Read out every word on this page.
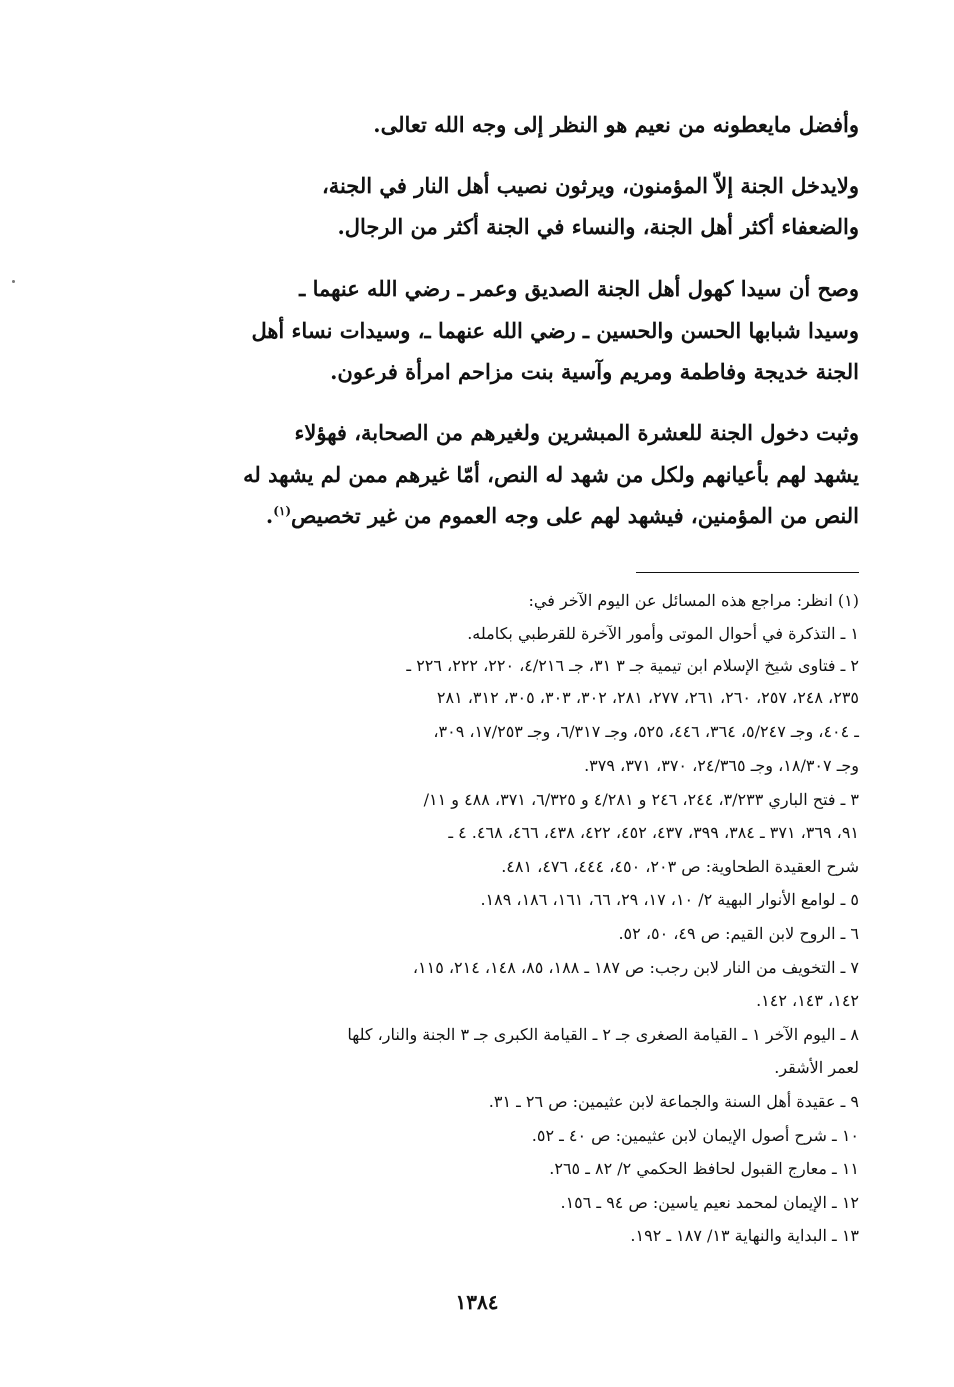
وأفضل مايعطونه من نعيم هو النظر إلى وجه الله تعالى.
ولايدخل الجنة إلاّ المؤمنون، ويرثون نصيب أهل النار في الجنة،
والضعفاء أكثر أهل الجنة، والنساء في الجنة أكثر من الرجال.
وصح أن سيدا كهول أهل الجنة الصديق وعمر ـ رضي الله عنهما ـ
وسيدا شبابها الحسن والحسين ـ رضي الله عنهما ـ، وسيدات نساء أهل
الجنة خديجة وفاطمة ومريم وآسية بنت مزاحم امرأة فرعون.
وثبت دخول الجنة للعشرة المبشرين ولغيرهم من الصحابة، فهؤلاء
يشهد لهم بأعيانهم ولكل من شهد له النص، أمّا غيرهم ممن لم يشهد له
النص من المؤمنين، فيشهد لهم على وجه العموم من غير تخصيص$^{(١)}$.
(١) انظر: مراجع هذه المسائل عن اليوم الآخر في:
١ ـ التذكرة في أحوال الموتى وأمور الآخرة للقرطبي بكامله.
٢ ـ فتاوى شيخ الإسلام ابن تيمية جـ ٣ ٣١، جـ ٤/٢١٦، ٢٢٠، ٢٢٢، ٢٢٦ ـ
٢٣٥، ٢٤٨، ٢٥٧، ٢٦٠، ٢٦١، ٢٧٧، ٢٨١، ٣٠٢، ٣٠٣، ٣٠٥، ٣١٢، ٢٨١
ـ ٤٠٤، وجـ ٥/٢٤٧، ٣٦٤، ٤٤٦، ٥٢٥، وجـ ٦/٣١٧، وجـ ١٧/٢٥٣، ٣٠٩،
وجـ ١٨/٣٠٧، وجـ ٢٤/٣٦٥، ٣٧٠، ٣٧١، ٣٧٩.
٣ ـ فتح الباري ٣/٢٣٣، ٢٤٤، ٢٤٦ و ٤/٢٨١ و ٦/٣٢٥، ٣٧١، ٤٨٨ و ١١/
٩١، ٣٦٩، ٣٧١ ـ ٣٨٤، ٣٩٩، ٤٣٧، ٤٥٢، ٤٢٢، ٤٣٨، ٤٦٦، ٤٦٨. ٤ ـ
شرح العقيدة الطحاوية: ص ٢٠٣، ٤٥٠، ٤٤٤، ٤٧٦، ٤٨١.
٥ ـ لوامع الأنوار البهية ٢/ ١٠، ١٧، ٢٩، ٦٦، ١٦١، ١٨٦، ١٨٩.
٦ ـ الروح لابن القيم: ص ٤٩، ٥٠، ٥٢.
٧ ـ التخويف من النار لابن رجب: ص ١٨٧ ـ ١٨٨، ٨٥، ١٤٨، ٢١٤، ١١٥،
١٤٢، ١٤٣، ١٤٢.
٨ ـ اليوم الآخر ١ ـ القيامة الصغرى جـ ٢ ـ القيامة الكبرى جـ ٣ الجنة والنار، كلها
لعمر الأشقر.
٩ ـ عقيدة أهل السنة والجماعة لابن عثيمين: ص ٢٦ ـ ٣١.
١٠ ـ شرح أصول الإيمان لابن عثيمين: ص ٤٠ ـ ٥٢.
١١ ـ معارج القبول لحافظ الحكمي ٢/ ٨٢ ـ ٢٦٥.
١٢ ـ الإيمان لمحمد نعيم ياسين: ص ٩٤ ـ ١٥٦.
١٣ ـ البداية والنهاية ١٣/ ١٨٧ ـ ١٩٢.
١٣٨٤
